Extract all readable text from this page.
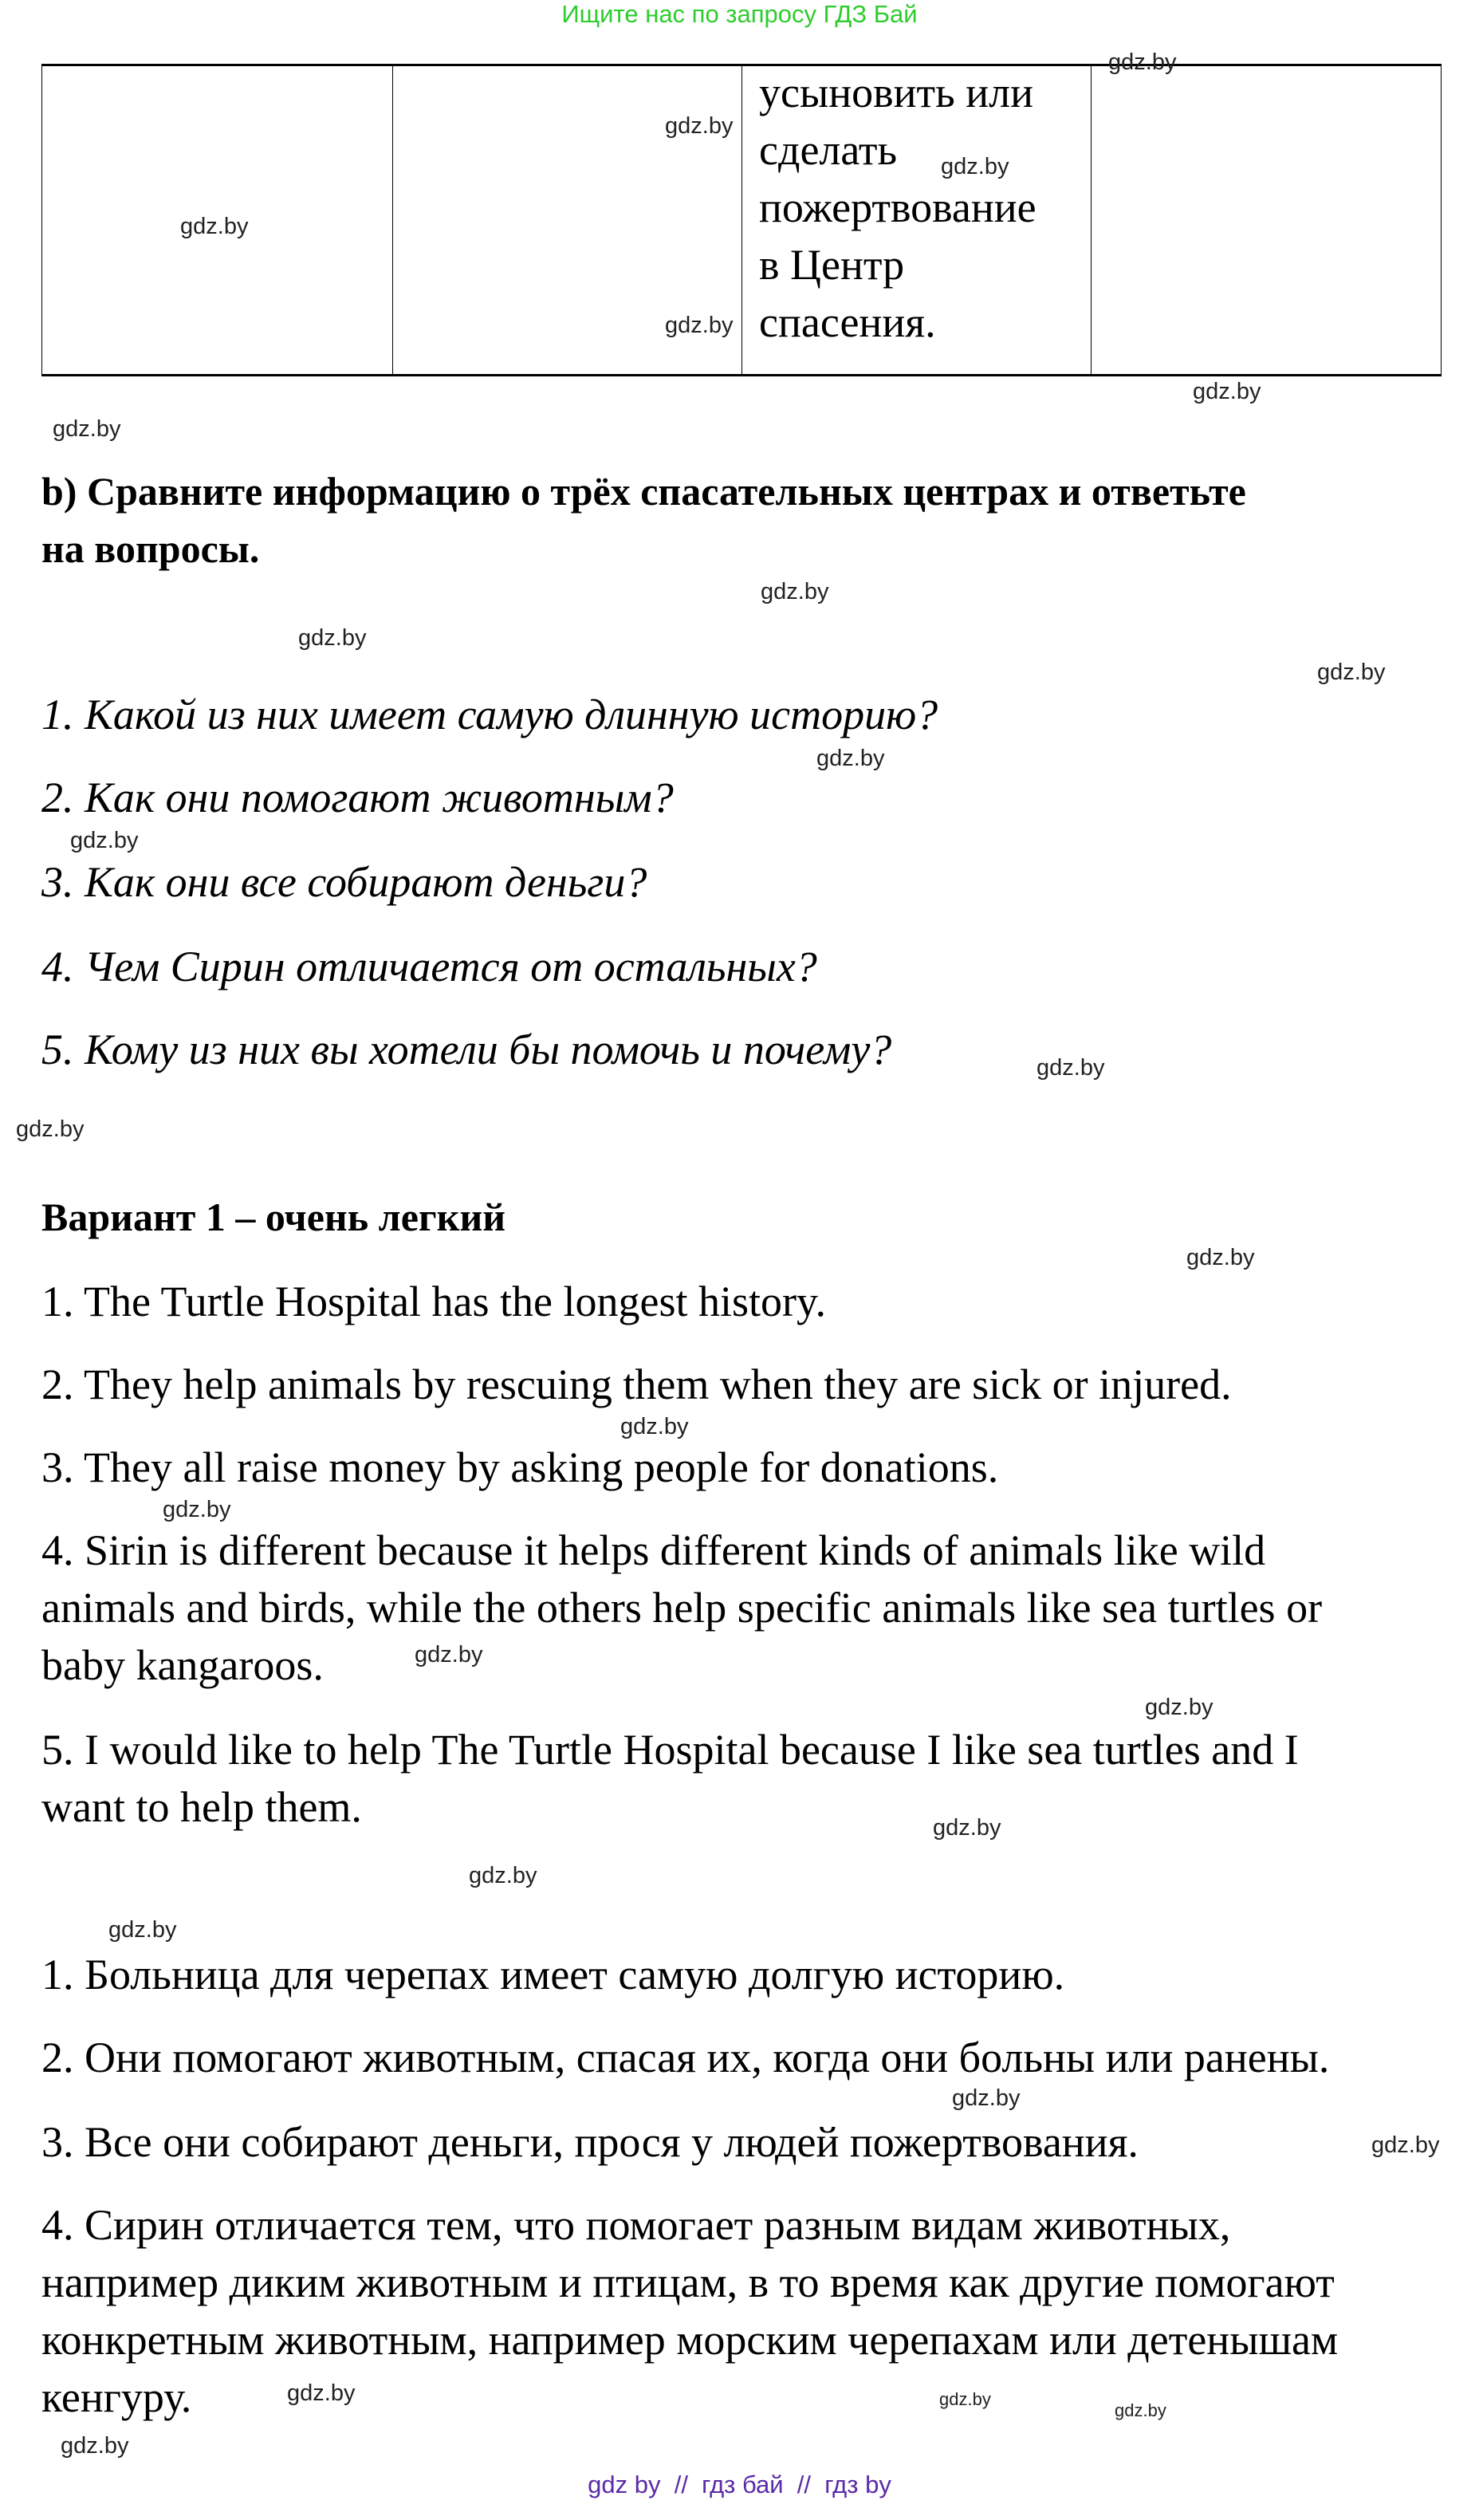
Ищите нас по запросу ГДЗ Бай
усыновить или
сделать
пожертвование
в Центр
спасения.
b) Сравните информацию о трёх спасательных центрах и ответьте
на вопросы.
1. Какой из них имеет самую длинную историю?
2. Как они помогают животным?
3. Как они все собирают деньги?
4. Чем Сирин отличается от остальных?
5. Кому из них вы хотели бы помочь и почему?
Вариант 1 – очень легкий
1. The Turtle Hospital has the longest history.
2. They help animals by rescuing them when they are sick or injured.
3. They all raise money by asking people for donations.
4. Sirin is different because it helps different kinds of animals like wild
animals and birds, while the others help specific animals like sea turtles or
baby kangaroos.
5. I would like to help The Turtle Hospital because I like sea turtles and I
want to help them.
1. Больница для черепах имеет самую долгую историю.
2. Они помогают животным, спасая их, когда они больны или ранены.
3. Все они собирают деньги, прося у людей пожертвования.
4. Сирин отличается тем, что помогает разным видам животных,
например диким животным и птицам, в то время как другие помогают
конкретным животным, например морским черепахам или детенышам
кенгуру.
gdz.by
gdz.by
gdz.by
gdz.by
gdz.by
gdz.by
gdz.by
gdz.by
gdz.by
gdz.by
gdz.by
gdz.by
gdz.by
gdz.by
gdz.by
gdz.by
gdz.by
gdz.by
gdz.by
gdz.by
gdz.by
gdz.by
gdz.by
gdz.by
gdz.by
gdz.by
gdz.by
gdz.by
gdz by  //  гдз бай  //  гдз by
